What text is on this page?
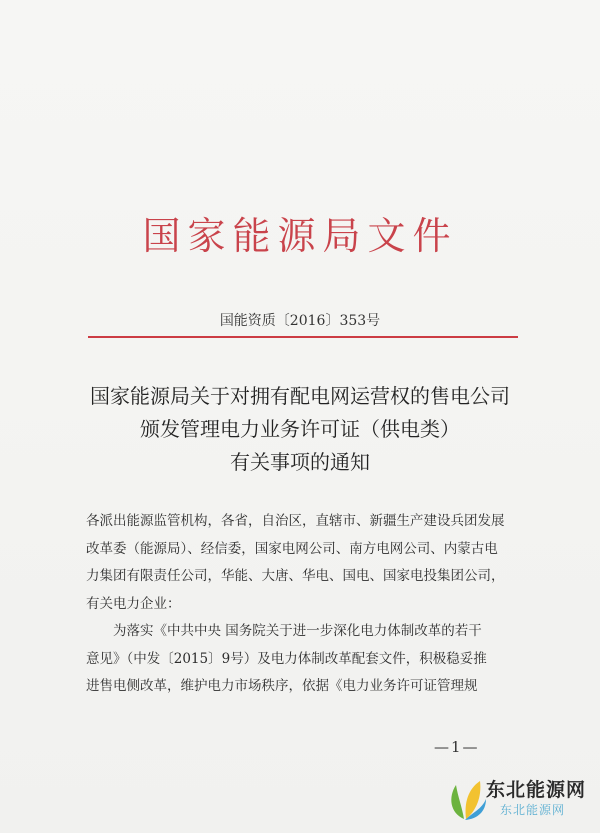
国家能源局文件
国能资质〔2016〕353号
国家能源局关于对拥有配电网运营权的售电公司
颁发管理电力业务许可证（供电类）
有关事项的通知

各派出能源监管机构，各省，自治区，直辖市、新疆生产建设兵团发展

改革委（能源局）、经信委，国家电网公司、南方电网公司、内蒙古电

力集团有限责任公司，华能、大唐、华电、国电、国家电投集团公司，

有关电力企业：

为落实《中共中央 国务院关于进一步深化电力体制改革的若干

意见》（中发〔2015〕9号）及电力体制改革配套文件，积极稳妥推

进售电侧改革，维护电力市场秩序，依据《电力业务许可证管理规

—1—
东北能源网
东北能源网
